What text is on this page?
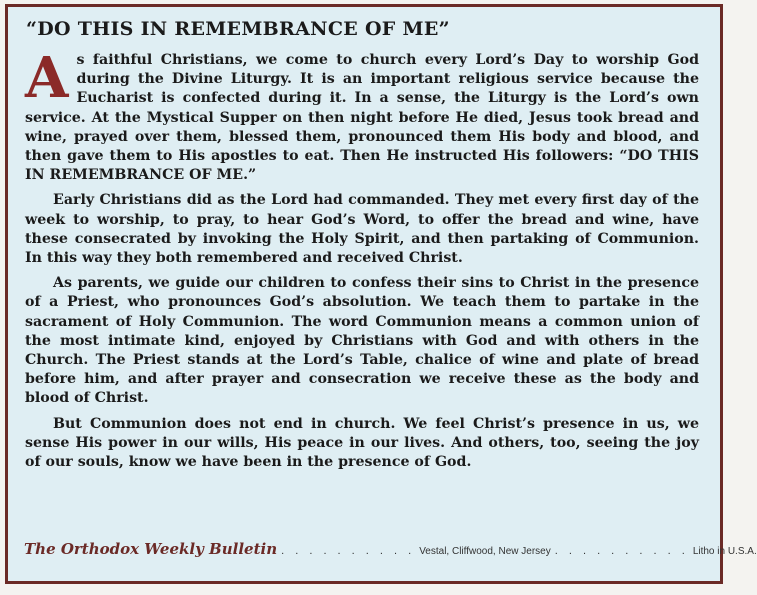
“DO THIS IN REMEMBRANCE OF ME”

As faithful Christians, we come to church every Lord’s Day to worship God during the Divine Liturgy. It is an important religious service because the Eucharist is confected during it. In a sense, the Liturgy is the Lord’s own service. At the Mystical Supper on then night before He died, Jesus took bread and wine, prayed over them, blessed them, pronounced them His body and blood, and then gave them to His apostles to eat. Then He instructed His followers: “DO THIS IN REMEMBRANCE OF ME.”

Early Christians did as the Lord had commanded. They met every first day of the week to worship, to pray, to hear God’s Word, to offer the bread and wine, have these consecrated by invoking the Holy Spirit, and then partaking of Communion. In this way they both remembered and received Christ.

As parents, we guide our children to confess their sins to Christ in the presence of a Priest, who pronounces God’s absolution. We teach them to partake in the sacrament of Holy Communion. The word Communion means a common union of the most intimate kind, enjoyed by Christians with God and with others in the Church. The Priest stands at the Lord’s Table, chalice of wine and plate of bread before him, and after prayer and consecration we receive these as the body and blood of Christ.

But Communion does not end in church. We feel Christ’s presence in us, we sense His power in our wills, His peace in our lives. And others, too, seeing the joy of our souls, know we have been in the presence of God.

The Orthodox Weekly Bulletin . . . . . . . . . . Vestal, Cliffwood, New Jersey . . . . . . . . . . Litho in U.S.A.
